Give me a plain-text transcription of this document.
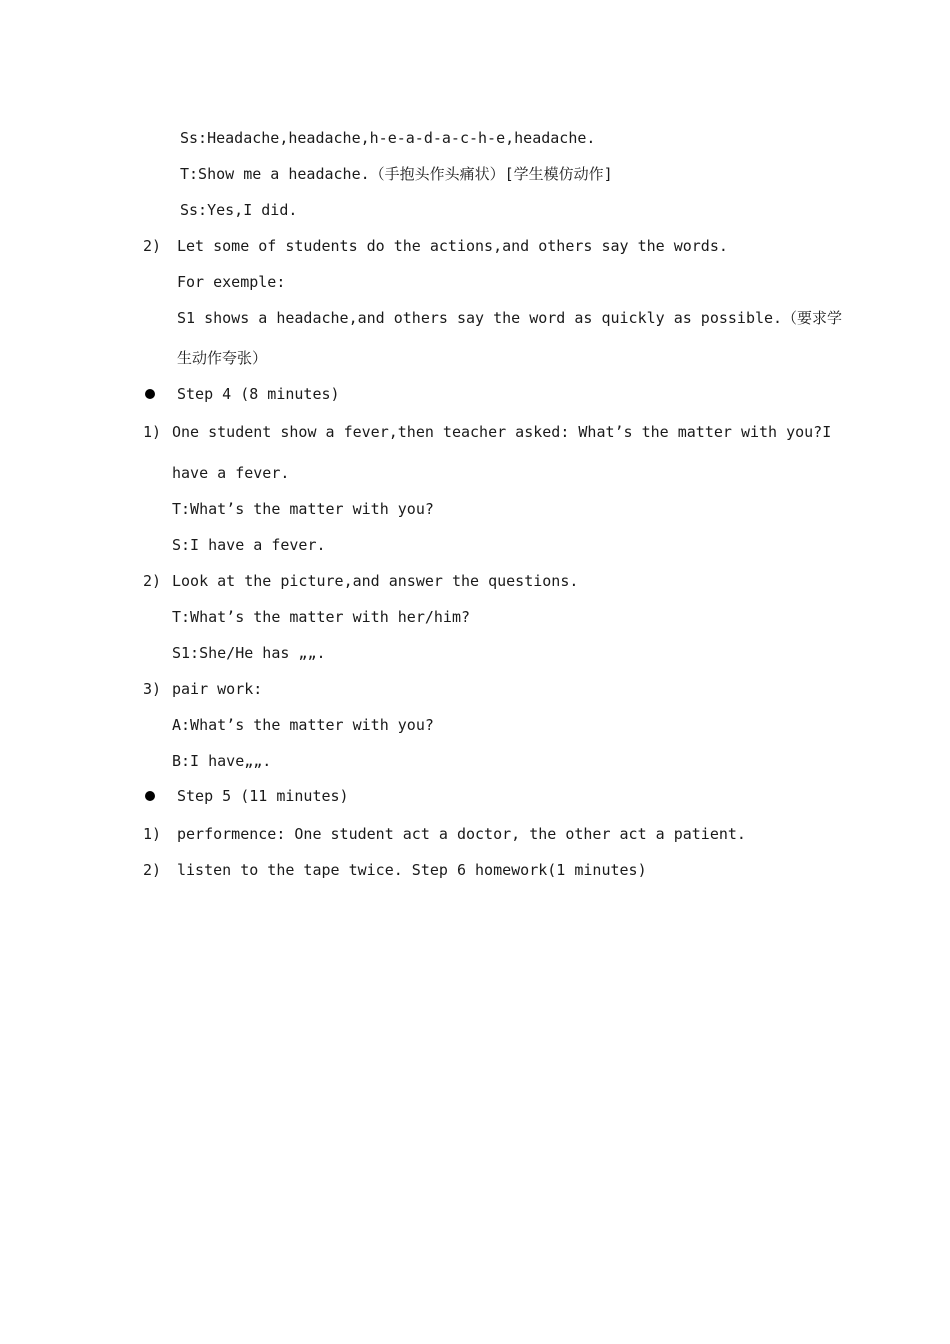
Ss:Headache,headache,h-e-a-d-a-c-h-e,headache.
T:Show me a headache.（手抱头作头痛状）[学生模仿动作]
Ss:Yes,I did.
2) Let some of students do the actions,and others say the words.
For exemple:
S1 shows a headache,and others say the word as quickly as possible.（要求学
生动作夸张）
Step 4 (8 minutes)
1) One student show a fever,then teacher asked: What’s the matter with you?I
have a fever.
T:What’s the matter with you?
S:I have a fever.
2) Look at the picture,and answer the questions.
T:What’s the matter with her/him?
S1:She/He has „„.
3) pair work:
A:What’s the matter with you?
B:I have„„.
Step 5 (11 minutes)
1) performence: One student act a doctor, the other act a patient.
2) listen to the tape twice. Step 6 homework(1 minutes)
